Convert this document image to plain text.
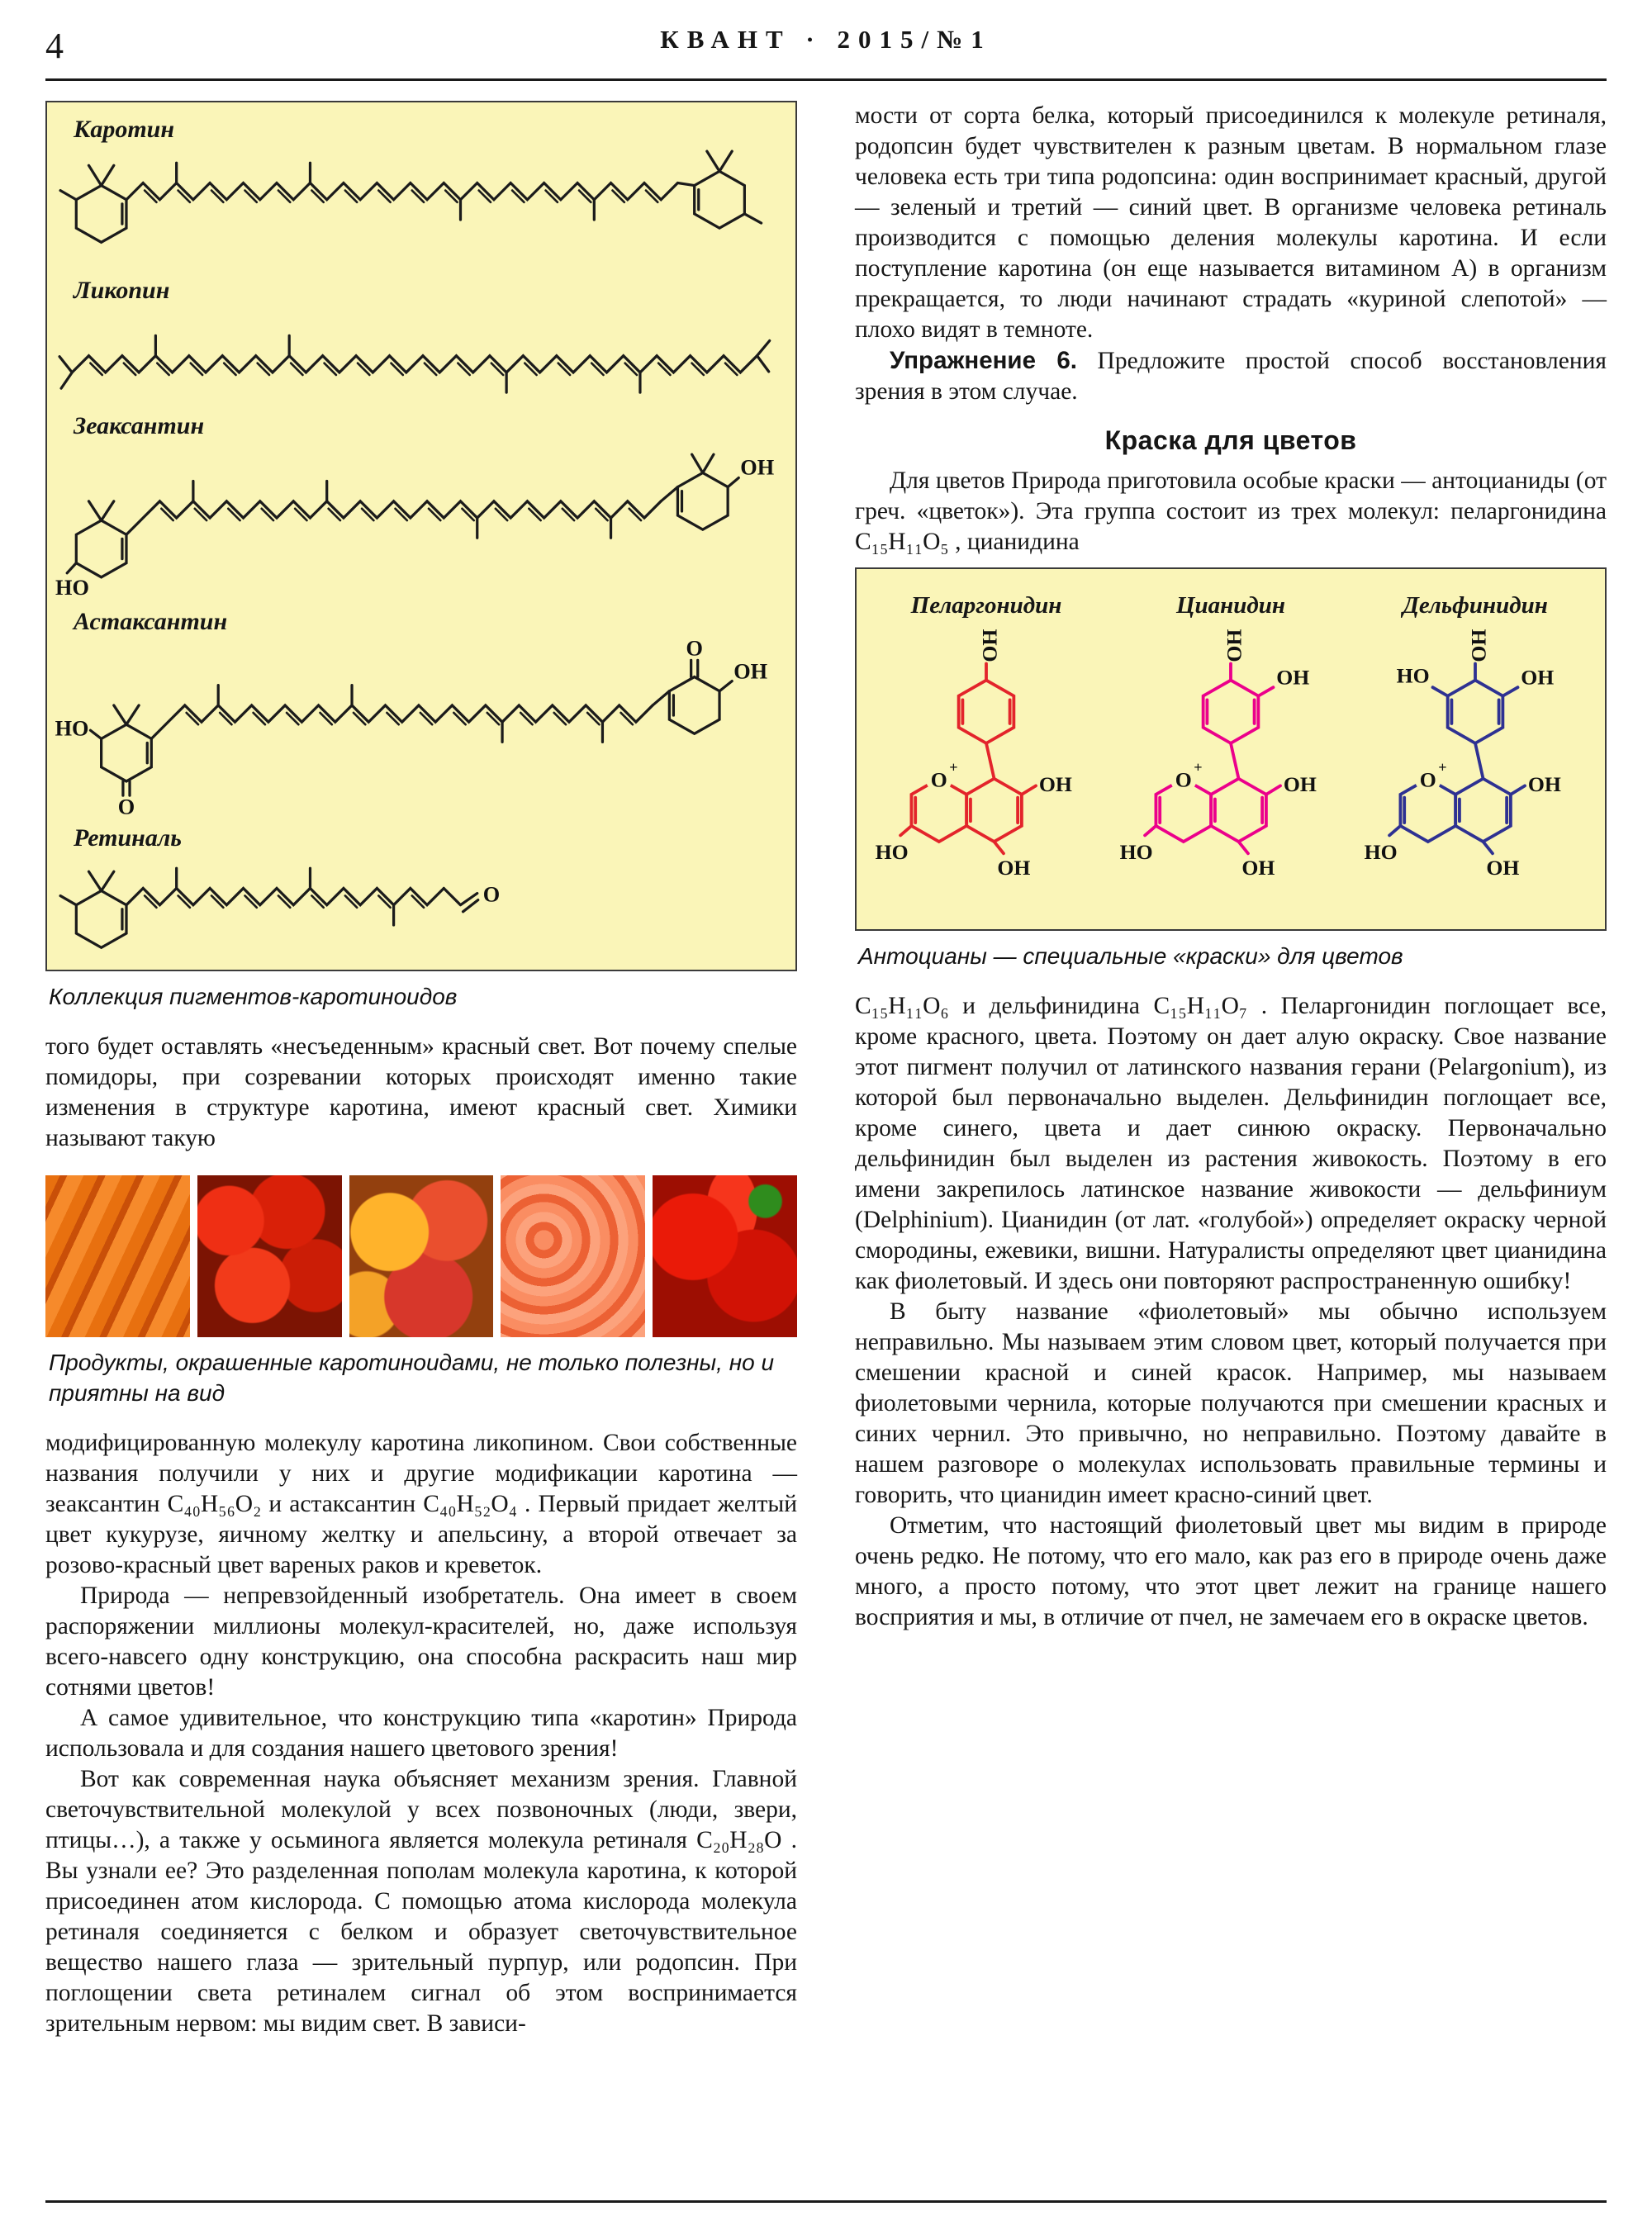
4	КВАНТ · 2015/№1
Каротин
Ликопин
Зеаксантин
HO
OH
Астаксантин
HO
O
O
OH
Ретиналь
O
Коллекция пигментов-каротиноидов

того будет оставлять «несъеденным» красный свет. Вот почему спелые помидоры, при созревании которых происходят именно такие изменения в структуре каротина, имеют красный свет. Химики называют такую

Продукты, окрашенные каротиноидами, не только полезны, но и приятны на вид

модифицированную молекулу каротина ликопином. Свои собственные названия получили у них и другие модификации каротина — зеаксантин C₄₀H₅₆O₂ и астаксантин C₄₀H₅₂O₄ . Первый придает желтый цвет кукурузе, яичному желтку и апельсину, а второй отвечает за розово-красный цвет вареных раков и креветок.

Природа — непревзойденный изобретатель. Она имеет в своем распоряжении миллионы молекул-красителей, но, даже используя всего-навсего одну конструкцию, она способна раскрасить наш мир сотнями цветов!

А самое удивительное, что конструкцию типа «каротин» Природа использовала и для создания нашего цветового зрения!

Вот как современная наука объясняет механизм зрения. Главной светочувствительной молекулой у всех позвоночных (люди, звери, птицы…), а также у осьминога является молекула ретиналя C₂₀H₂₈O . Вы узнали ее? Это разделенная пополам молекула каротина, к которой присоединен атом кислорода. С помощью атома кислорода молекула ретиналя соединяется с белком и образует светочувствительное вещество нашего глаза — зрительный пурпур, или родопсин. При поглощении света ретиналем сигнал об этом воспринимается зрительным нервом: мы видим свет. В зависи-

мости от сорта белка, который присоединился к молекуле ретиналя, родопсин будет чувствителен к разным цветам. В нормальном глазе человека есть три типа родопсина: один воспринимает красный, другой — зеленый и третий — синий цвет. В организме человека ретиналь производится с помощью деления молекулы каротина. И если поступление каротина (он еще называется витамином А) в организм прекращается, то люди начинают страдать «куриной слепотой» — плохо видят в темноте.

Упражнение 6. Предложите простой способ восстановления зрения в этом случае.

Краска для цветов

Для цветов Природа приготовила особые краски — антоцианиды (от греч. «цветок»). Эта группа состоит из трех молекул: пеларгонидина C₁₅H₁₁O₅ , цианидина

Пеларгонидин
OH
O
+
OH
HO
OH
Цианидин
OH
OH
O
+
OH
HO
OH
Дельфинидин
OH
HO	OH
O
+
OH
HO
OH
Антоцианы — специальные «краски» для цветов

C₁₅H₁₁O₆ и дельфинидина C₁₅H₁₁O₇ . Пеларгонидин поглощает все, кроме красного, цвета. Поэтому он дает алую окраску. Свое название этот пигмент получил от латинского названия герани (Pelargonium), из которой был первоначально выделен. Дельфинидин поглощает все, кроме синего, цвета и дает синюю окраску. Первоначально дельфинидин был выделен из растения живокость. Поэтому в его имени закрепилось латинское название живокости — дельфиниум (Delphinium). Цианидин (от лат. «голубой») определяет окраску черной смородины, ежевики, вишни. Натуралисты определяют цвет цианидина как фиолетовый. И здесь они повторяют распространенную ошибку!

В быту название «фиолетовый» мы обычно используем неправильно. Мы называем этим словом цвет, который получается при смешении красной и синей красок. Например, мы называем фиолетовыми чернила, которые получаются при смешении красных и синих чернил. Это привычно, но неправильно. Поэтому давайте в нашем разговоре о молекулах использовать правильные термины и говорить, что цианидин имеет красно-синий цвет.

Отметим, что настоящий фиолетовый цвет мы видим в природе очень редко. Не потому, что его мало, как раз его в природе очень даже много, а просто потому, что этот цвет лежит на границе нашего восприятия и мы, в отличие от пчел, не замечаем его в окраске цветов.
